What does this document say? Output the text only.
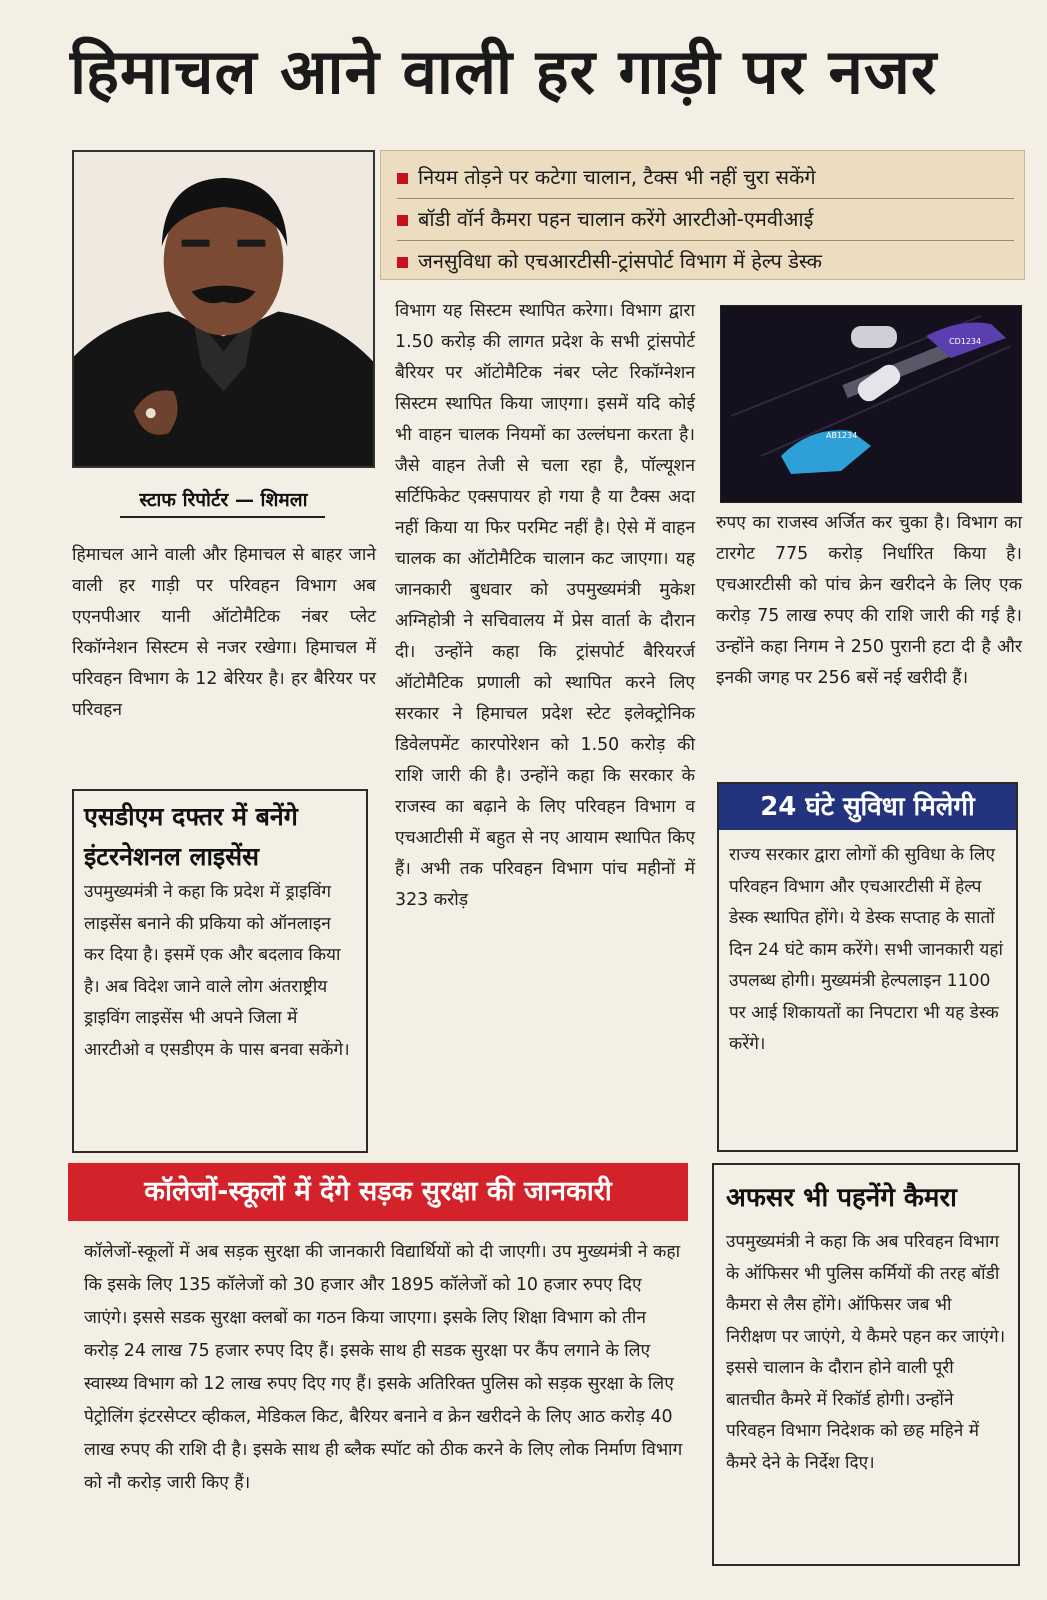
हिमाचल आने वाली हर गाड़ी पर नजर
स्टाफ रिपोर्टर — शिमला
नियम तोड़ने पर कटेगा चालान, टैक्स भी नहीं चुरा सकेंगे
बॉडी वॉर्न कैमरा पहन चालान करेंगे आरटीओ-एमवीआई
जनसुविधा को एचआरटीसी-ट्रांसपोर्ट विभाग में हेल्प डेस्क
हिमाचल आने वाली और हिमाचल से बाहर जाने वाली हर गाड़ी पर परिवहन विभाग अब एएनपीआर यानी ऑटोमैटिक नंबर प्लेट रिकॉग्नेशन सिस्टम से नजर रखेगा। हिमाचल में परिवहन विभाग के 12 बेरियर है। हर बैरियर पर परिवहन
विभाग यह सिस्टम स्थापित करेगा। विभाग द्वारा 1.50 करोड़ की लागत प्रदेश के सभी ट्रांसपोर्ट बैरियर पर ऑटोमैटिक नंबर प्लेट रिकॉग्नेशन सिस्टम स्थापित किया जाएगा। इसमें यदि कोई भी वाहन चालक नियमों का उल्लंघना करता है। जैसे वाहन तेजी से चला रहा है, पॉल्यूशन सर्टिफिकेट एक्सपायर हो गया है या टैक्स अदा नहीं किया या फिर परमिट नहीं है। ऐसे में वाहन चालक का ऑटोमैटिक चालान कट जाएगा। यह जानकारी बुधवार को उपमुख्यमंत्री मुकेश अग्निहोत्री ने सचिवालय में प्रेस वार्ता के दौरान दी। उन्होंने कहा कि ट्रांसपोर्ट बैरियरर्ज ऑटोमैटिक प्रणाली को स्थापित करने लिए सरकार ने हिमाचल प्रदेश स्टेट इलेक्ट्रोनिक डिवेलपमेंट कारपोरेशन को 1.50 करोड़ की राशि जारी की है। उन्होंने कहा कि सरकार के राजस्व का बढ़ाने के लिए परिवहन विभाग व एचआटीसी में बहुत से नए आयाम स्थापित किए हैं। अभी तक परिवहन विभाग पांच महीनों में 323 करोड़
CD1234
AB1234
रुपए का राजस्व अर्जित कर चुका है। विभाग का टारगेट 775 करोड़ निर्धारित किया है। एचआरटीसी को पांच क्रेन खरीदने के लिए एक करोड़ 75 लाख रुपए की राशि जारी की गई है। उन्होंने कहा निगम ने 250 पुरानी हटा दी है और इनकी जगह पर 256 बसें नई खरीदी हैं।
एसडीएम दफ्तर में बनेंगे इंटरनेशनल लाइसेंस
उपमुख्यमंत्री ने कहा कि प्रदेश में ड्राइविंग लाइसेंस बनाने की प्रकिया को ऑनलाइन कर दिया है। इसमें एक और बदलाव किया है। अब विदेश जाने वाले लोग अंतराष्ट्रीय ड्राइविंग लाइसेंस भी अपने जिला में आरटीओ व एसडीएम के पास बनवा सकेंगे।
24 घंटे सुविधा मिलेगी
राज्य सरकार द्वारा लोगों की सुविधा के लिए परिवहन विभाग और एचआरटीसी में हेल्प डेस्क स्थापित होंगे। ये डेस्क सप्ताह के सातों दिन 24 घंटे काम करेंगे। सभी जानकारी यहां उपलब्ध होगी। मुख्यमंत्री हेल्पलाइन 1100 पर आई शिकायतों का निपटारा भी यह डेस्क करेंगे।
कॉलेजों-स्कूलों में देंगे सड़क सुरक्षा की जानकारी
कॉलेजों-स्कूलों में अब सड़क सुरक्षा की जानकारी विद्यार्थियों को दी जाएगी। उप मुख्यमंत्री ने कहा कि इसके लिए 135 कॉलेजों को 30 हजार और 1895 कॉलेजों को 10 हजार रुपए दिए जाएंगे। इससे सडक सुरक्षा क्लबों का गठन किया जाएगा। इसके लिए शिक्षा विभाग को तीन करोड़ 24 लाख 75 हजार रुपए दिए हैं। इसके साथ ही सडक सुरक्षा पर कैंप लगाने के लिए स्वास्थ्य विभाग को 12 लाख रुपए दिए गए हैं। इसके अतिरिक्त पुलिस को सड़क सुरक्षा के लिए पेट्रोलिंग इंटरसेप्टर व्हीकल, मेडिकल किट, बैरियर बनाने व क्रेन खरीदने के लिए आठ करोड़ 40 लाख रुपए की राशि दी है। इसके साथ ही ब्लैक स्पॉट को ठीक करने के लिए लोक निर्माण विभाग को नौ करोड़ जारी किए हैं।
अफसर भी पहनेंगे कैमरा
उपमुख्यमंत्री ने कहा कि अब परिवहन विभाग के ऑफिसर भी पुलिस कर्मियों की तरह बॉडी कैमरा से लैस होंगे। ऑफिसर जब भी निरीक्षण पर जाएंगे, ये कैमरे पहन कर जाएंगे। इससे चालान के दौरान होने वाली पूरी बातचीत कैमरे में रिकॉर्ड होगी। उन्होंने परिवहन विभाग निदेशक को छह महिने में कैमरे देने के निर्देश दिए।
